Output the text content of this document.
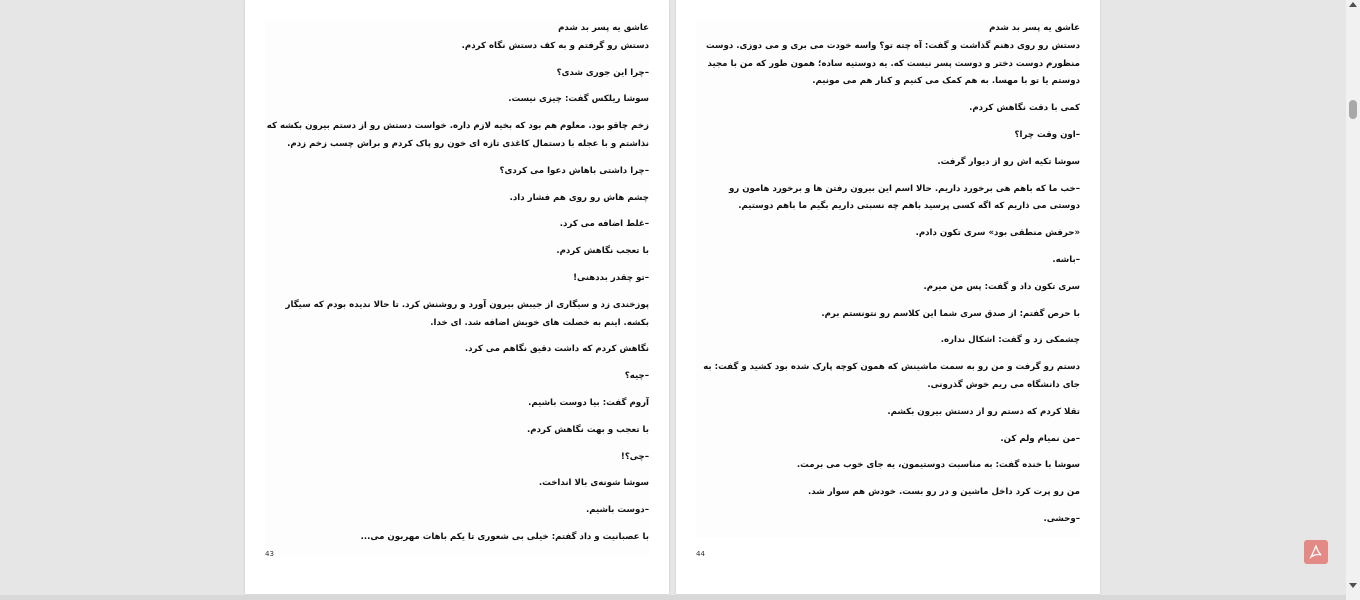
عاشق یه پسر بد شدم
دستش رو گرفتم و به کف دستش نگاه کردم.
–چرا این جوری شدی؟
سوشا ریلکس گفت: چیزی نیست.
زخم چاقو بود. معلوم هم بود که بخیه لازم داره. خواست دستش رو از دستم بیرون بکشه که نذاشتم و با عجله با دستمال کاغذی تازه ای خون رو پاک کردم و براش چسب زخم زدم.
–چرا داشتی باهاش دعوا می کردی؟
چشم هاش رو روی هم فشار داد.
–غلط اضافه می کرد.
با تعجب نگاهش کردم.
–تو چقدر بددهنی!
پوزخندی زد و سیگاری از جیبش بیرون آورد و روشنش کرد. تا حالا ندیده بودم که سیگار بکشه. اینم به خصلت های خوبش اضافه شد. ای خدا.
نگاهش کردم که داشت دقیق نگاهم می کرد.
–چیه؟
آروم گفت: بیا دوست باشیم.
با تعجب و بهت نگاهش کردم.
–چی؟!
سوشا شونه‌ی بالا انداخت.
–دوست باشیم.
با عصبانیت و داد گفتم: خیلی بی شعوری تا یکم باهات مهربون می...
43
عاشق یه پسر بد شدم
دستش رو روی دهنم گذاشت و گفت: آه چته تو؟ واسه خودت می بری و می دوزی. دوست منظورم دوست دختر و دوست پسر نیست که. یه دوستیه ساده؛ همون طور که من با مجید دوستم یا تو با مهسا. به هم کمک می کنیم و کنار هم می مونیم.
کمی با دقت نگاهش کردم.
–اون وقت چرا؟
سوشا تکیه اش رو از دیوار گرفت.
–خب ما که باهم هی برخورد داریم. حالا اسم این بیرون رفتن ها و برخورد هامون رو دوستی می ذاریم که اگه کسی پرسید باهم چه نسبتی داریم بگیم ما باهم دوستیم.
«حرفش منطقی بود» سری تکون دادم.
–باشه.
سری تکون داد و گفت: پس من میرم.
با حرص گفتم: از صدق سری شما این کلاسم رو نتونستم برم.
چشمکی زد و گفت: اشکال نداره.
دستم رو گرفت و من رو به سمت ماشینش که همون کوچه پارک شده بود کشید و گفت: به جای دانشگاه می ریم خوش گذرونی.
تقلا کردم که دستم رو از دستش بیرون بکشم.
–من نمیام ولم کن.
سوشا با خنده گفت: به مناسبت دوستیمون، یه جای خوب می برمت.
من رو پرت کرد داخل ماشین و در رو بست. خودش هم سوار شد.
–وحشی.
44
